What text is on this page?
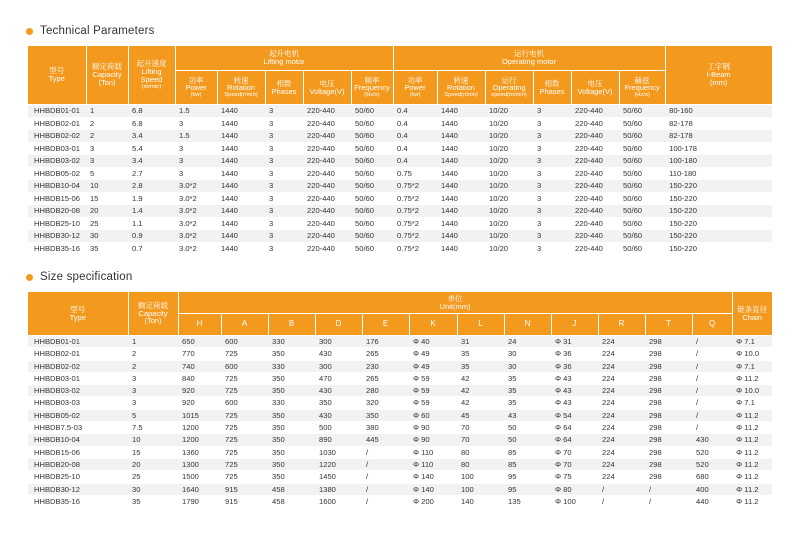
Technical Parameters
型号
Type	额定荷载
Capacity
(Ton)	起升速度
Lifting
Speed
(m/min)	起升电机
Lifting motor					运行电机
Operating motor						工字钢
I-Beam
(mm)

			功率
Power
(kw)	转速
Rotation
Speed(r/min)	相数
Phases	电压
Voltage(V)	频率
Frequency
(Hz/s)	功率
Power
(kw)	转速
Rotation
Speed(r/min)	运行
Operating
speed(m/min)	相数
Phases	电压
Voltage(V)	赫兹
Frequency
(Hz/s)	

HHBDB01-01	1	6.8	1.5	1440	3	220-440	50/60	0.4	1440	10/20	3	220-440	50/60	80-160
HHBDB02-01	2	6.8	3	1440	3	220-440	50/60	0.4	1440	10/20	3	220-440	50/60	82-178
HHBDB02-02	2	3.4	1.5	1440	3	220-440	50/60	0.4	1440	10/20	3	220-440	50/60	82-178
HHBDB03-01	3	5.4	3	1440	3	220-440	50/60	0.4	1440	10/20	3	220-440	50/60	100-178
HHBDB03-02	3	3.4	3	1440	3	220-440	50/60	0.4	1440	10/20	3	220-440	50/60	100-180
HHBDB05-02	5	2.7	3	1440	3	220-440	50/60	0.75	1440	10/20	3	220-440	50/60	110-180
HHBDB10-04	10	2.8	3.0*2	1440	3	220-440	50/60	0.75*2	1440	10/20	3	220-440	50/60	150-220
HHBDB15-06	15	1.9	3.0*2	1440	3	220-440	50/60	0.75*2	1440	10/20	3	220-440	50/60	150-220
HHBDB20-08	20	1.4	3.0*2	1440	3	220-440	50/60	0.75*2	1440	10/20	3	220-440	50/60	150-220
HHBDB25-10	25	1.1	3.0*2	1440	3	220-440	50/60	0.75*2	1440	10/20	3	220-440	50/60	150-220
HHBDB30-12	30	0.9	3.0*2	1440	3	220-440	50/60	0.75*2	1440	10/20	3	220-440	50/60	150-220
HHBDB35-16	35	0.7	3.0*2	1440	3	220-440	50/60	0.75*2	1440	10/20	3	220-440	50/60	150-220
Size specification
型号
Type	额定荷载
Capacity
(Ton)	单位
Unit(mm)												链条直径
Chain

		H	A	B	D	E	K	L	N	J	R	T	Q	
HHBDB01-01	1	650	600	330	300	176	Φ 40	31	24	Φ 31	224	298	/	Φ 7.1
HHBDB02-01	2	770	725	350	430	265	Φ 49	35	30	Φ 36	224	298	/	Φ 10.0
HHBDB02-02	2	740	600	330	300	230	Φ 49	35	30	Φ 36	224	298	/	Φ 7.1
HHBDB03-01	3	840	725	350	470	265	Φ 59	42	35	Φ 43	224	298	/	Φ 11.2
HHBDB03-02	3	920	725	350	430	280	Φ 59	42	35	Φ 43	224	298	/	Φ 10.0
HHBDB03-03	3	920	600	330	350	320	Φ 59	42	35	Φ 43	224	298	/	Φ 7.1
HHBDB05-02	5	1015	725	350	430	350	Φ 60	45	43	Φ 54	224	298	/	Φ 11.2
HHBDB7.5-03	7.5	1200	725	350	500	380	Φ 90	70	50	Φ 64	224	298	/	Φ 11.2
HHBDB10-04	10	1200	725	350	890	445	Φ 90	70	50	Φ 64	224	298	430	Φ 11.2
HHBDB15-06	15	1360	725	350	1030	/	Φ 110	80	85	Φ 70	224	298	520	Φ 11.2
HHBDB20-08	20	1300	725	350	1220	/	Φ 110	80	85	Φ 70	224	298	520	Φ 11.2
HHBDB25-10	25	1500	725	350	1450	/	Φ 140	100	95	Φ 75	224	298	680	Φ 11.2
HHBDB30-12	30	1640	915	458	1380	/	Φ 140	100	95	Φ 80	/	/	400	Φ 11.2
HHBDB35-16	35	1790	915	458	1600	/	Φ 200	140	135	Φ 100	/	/	440	Φ 11.2
